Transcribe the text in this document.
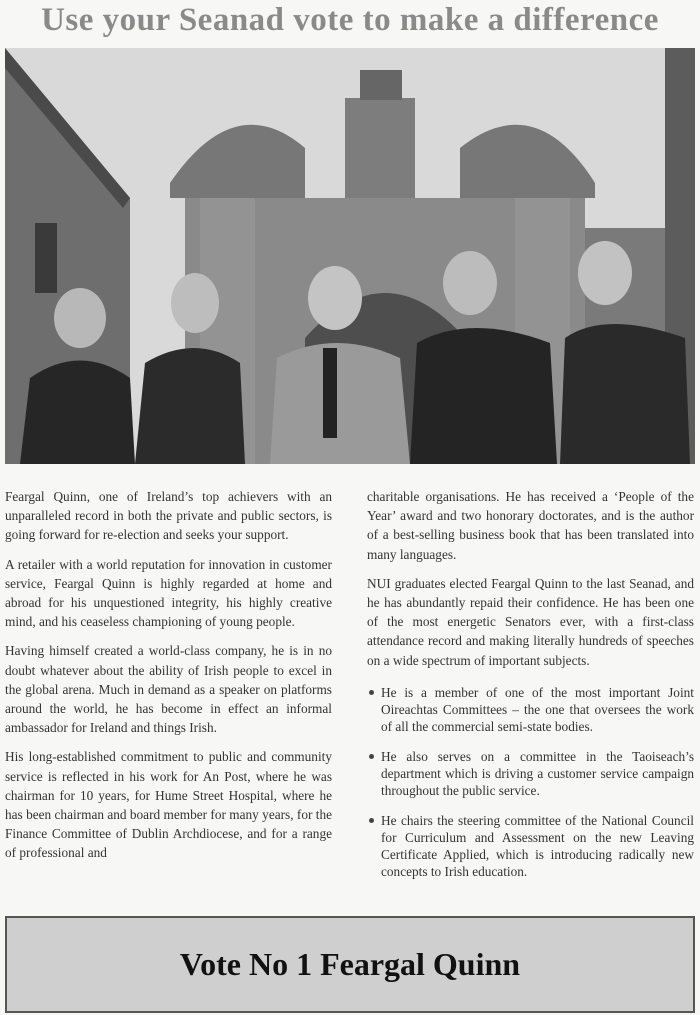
Use your Seanad vote to make a difference

Feargal Quinn, one of Ireland’s top achievers with an unparalleled record in both the private and public sectors, is going forward for re-election and seeks your support.

A retailer with a world reputation for innovation in customer service, Feargal Quinn is highly regarded at home and abroad for his unquestioned integrity, his highly creative mind, and his ceaseless championing of young people.

Having himself created a world-class company, he is in no doubt whatever about the ability of Irish people to excel in the global arena. Much in demand as a speaker on platforms around the world, he has become in effect an informal ambassador for Ireland and things Irish.

His long-established commitment to public and community service is reflected in his work for An Post, where he was chairman for 10 years, for Hume Street Hospital, where he has been chairman and board member for many years, for the Finance Committee of Dublin Archdiocese, and for a range of professional and

charitable organisations. He has received a ‘People of the Year’ award and two honorary doctorates, and is the author of a best-selling business book that has been translated into many languages.

NUI graduates elected Feargal Quinn to the last Seanad, and he has abundantly repaid their confidence. He has been one of the most energetic Senators ever, with a first-class attendance record and making literally hundreds of speeches on a wide spectrum of important subjects.

He is a member of one of the most important Joint Oireachtas Committees – the one that oversees the work of all the commercial semi-state bodies.
He also serves on a committee in the Taoiseach’s department which is driving a customer service campaign throughout the public service.
He chairs the steering committee of the National Council for Curriculum and Assessment on the new Leaving Certificate Applied, which is introducing radically new concepts to Irish education.
Vote No 1 Feargal Quinn
